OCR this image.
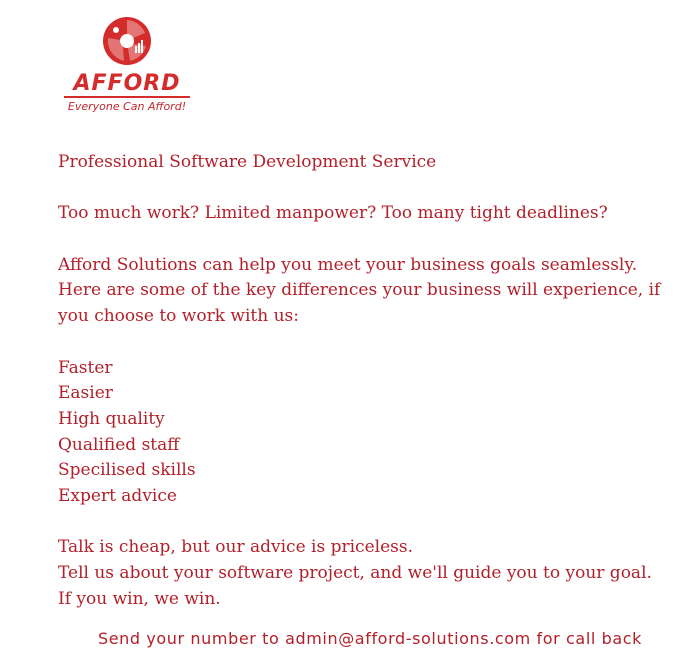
AFFORD
Everyone Can Afford!

Professional Software Development Service

Too much work? Limited manpower? Too many tight deadlines?

Afford Solutions can help you meet your business goals seamlessly.
Here are some of the key differences your business will experience, if
you choose to work with us:

Faster
Easier
High quality
Qualified staff
Specilised skills
Expert advice

Talk is cheap, but our advice is priceless.
Tell us about your software project, and we'll guide you to your goal.
If you win, we win.

Send your number to admin@afford-solutions.com for call back
